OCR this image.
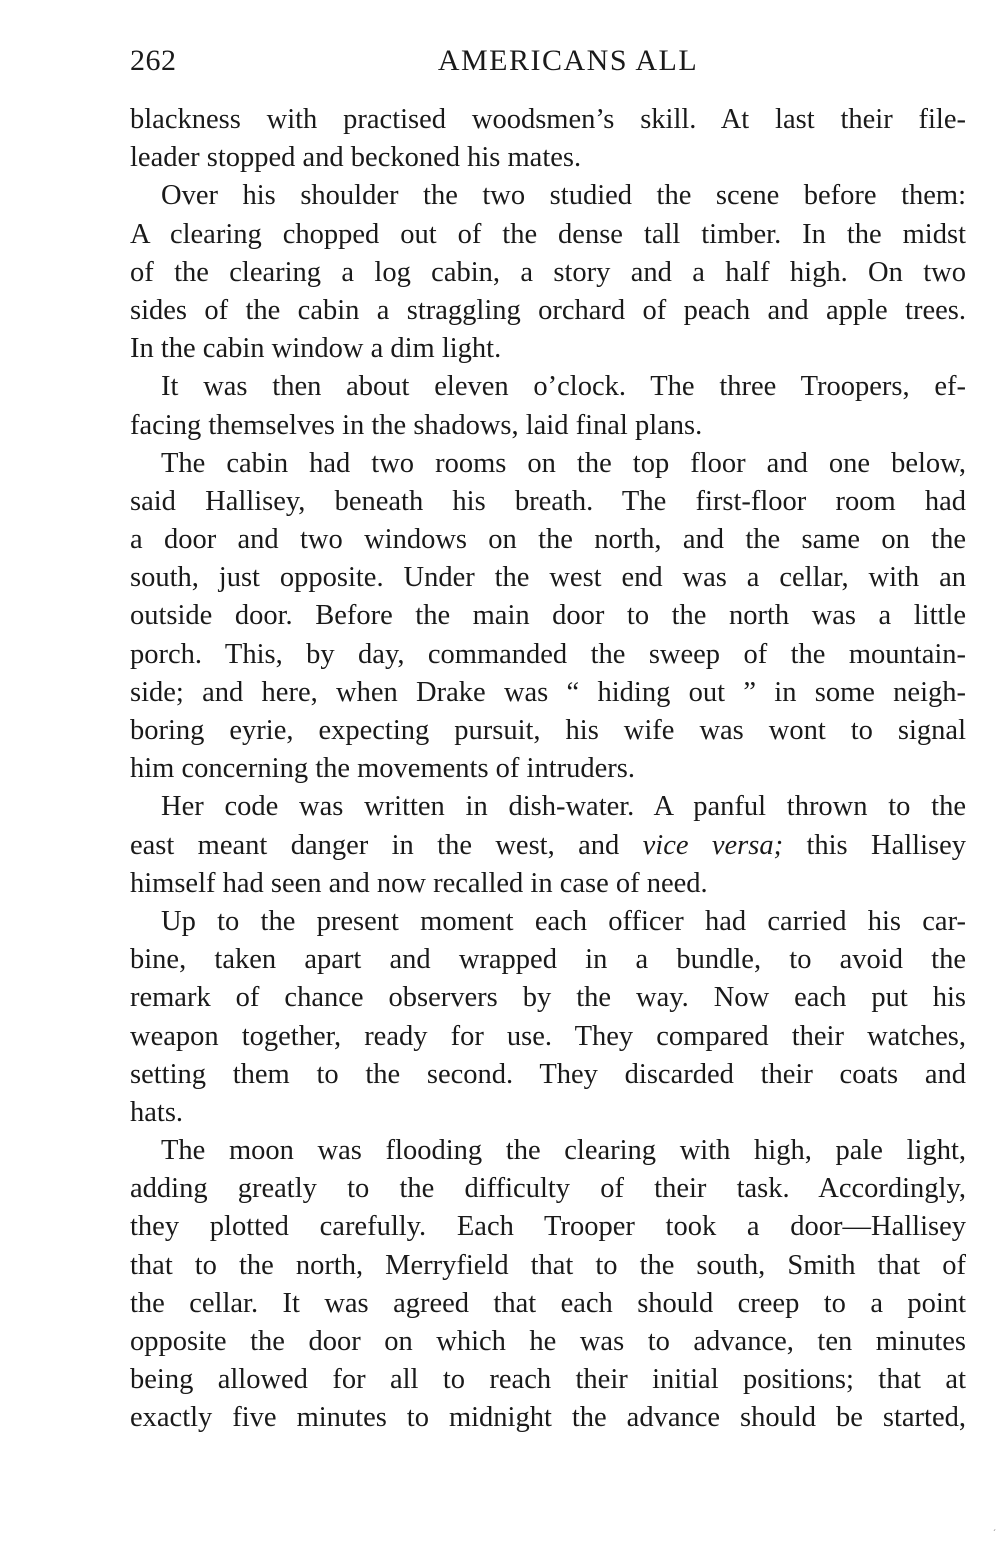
262	AMERICANS ALL
blackness with practised woodsmen’s skill. At last their file-
leader stopped and beckoned his mates.
Over his shoulder the two studied the scene before them:
A clearing chopped out of the dense tall timber. In the midst
of the clearing a log cabin, a story and a half high. On two
sides of the cabin a straggling orchard of peach and apple trees.
In the cabin window a dim light.
It was then about eleven o’clock. The three Troopers, ef-
facing themselves in the shadows, laid final plans.
The cabin had two rooms on the top floor and one below,
said Hallisey, beneath his breath. The first-floor room had
a door and two windows on the north, and the same on the
south, just opposite. Under the west end was a cellar, with an
outside door. Before the main door to the north was a little
porch. This, by day, commanded the sweep of the mountain-
side; and here, when Drake was “ hiding out ” in some neigh-
boring eyrie, expecting pursuit, his wife was wont to signal
him concerning the movements of intruders.
Her code was written in dish-water. A panful thrown to the
east meant danger in the west, and vice versa; this Hallisey
himself had seen and now recalled in case of need.
Up to the present moment each officer had carried his car-
bine, taken apart and wrapped in a bundle, to avoid the
remark of chance observers by the way. Now each put his
weapon together, ready for use. They compared their watches,
setting them to the second. They discarded their coats and
hats.
The moon was flooding the clearing with high, pale light,
adding greatly to the difficulty of their task. Accordingly,
they plotted carefully. Each Trooper took a door—Hallisey
that to the north, Merryfield that to the south, Smith that of
the cellar. It was agreed that each should creep to a point
opposite the door on which he was to advance, ten minutes
being allowed for all to reach their initial positions; that at
exactly five minutes to midnight the advance should be started,
´
